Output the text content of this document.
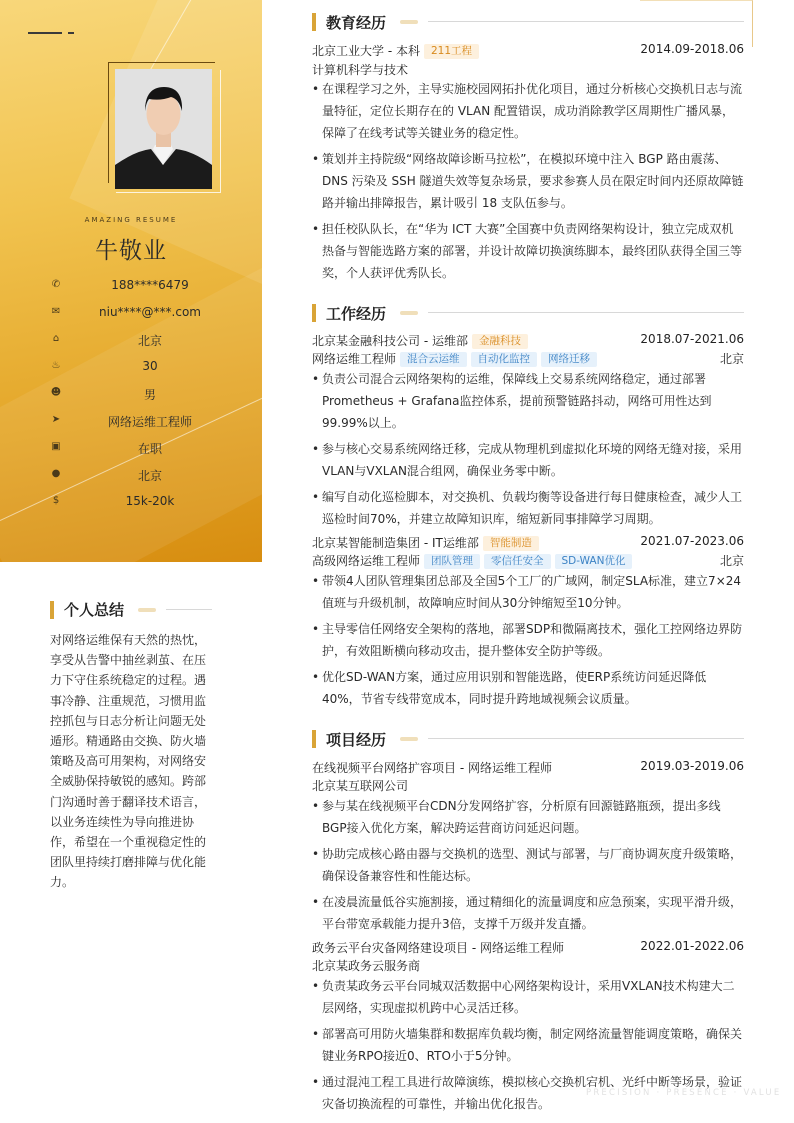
AMAZING RESUME
牛敬业
✆	188****6479
✉	niu****@***.com
⌂	北京
♨	30
☻	男
➤	网络运维工程师
▣	在职
●	北京
$	15k-20k
个人总结
对网络运维保有天然的热忱，享受从告警中抽丝剥茧、在压力下守住系统稳定的过程。遇事冷静、注重规范，习惯用监控抓包与日志分析让问题无处遁形。精通路由交换、防火墙策略及高可用架构，对网络安全威胁保持敏锐的感知。跨部门沟通时善于翻译技术语言，以业务连续性为导向推进协作，希望在一个重视稳定性的团队里持续打磨排障与优化能力。
教育经历
北京工业大学 - 本科 211工程	2014.09-2018.06
计算机科学与技术
• 在课程学习之外，主导实施校园网拓扑优化项目，通过分析核心交换机日志与流量特征，定位长期存在的 VLAN 配置错误，成功消除教学区周期性广播风暴，保障了在线考试等关键业务的稳定性。
• 策划并主持院级“网络故障诊断马拉松”，在模拟环境中注入 BGP 路由震荡、DNS 污染及 SSH 隧道失效等复杂场景，要求参赛人员在限定时间内还原故障链路并输出排障报告，累计吸引 18 支队伍参与。
• 担任校队队长，在“华为 ICT 大赛”全国赛中负责网络架构设计，独立完成双机热备与智能选路方案的部署，并设计故障切换演练脚本，最终团队获得全国三等奖，个人获评优秀队长。
工作经历
北京某金融科技公司 - 运维部 金融科技	2018.07-2021.06
网络运维工程师 混合云运维 自动化监控 网络迁移	北京
• 负责公司混合云网络架构的运维，保障线上交易系统网络稳定，通过部署Prometheus + Grafana监控体系，提前预警链路抖动，网络可用性达到99.99%以上。
• 参与核心交易系统网络迁移，完成从物理机到虚拟化环境的网络无缝对接，采用VLAN与VXLAN混合组网，确保业务零中断。
• 编写自动化巡检脚本，对交换机、负载均衡等设备进行每日健康检查，减少人工巡检时间70%，并建立故障知识库，缩短新同事排障学习周期。
北京某智能制造集团 - IT运维部 智能制造	2021.07-2023.06
高级网络运维工程师 团队管理 零信任安全 SD-WAN优化	北京
• 带领4人团队管理集团总部及全国5个工厂的广域网，制定SLA标准，建立7×24值班与升级机制，故障响应时间从30分钟缩短至10分钟。
• 主导零信任网络安全架构的落地，部署SDP和微隔离技术，强化工控网络边界防护，有效阻断横向移动攻击，提升整体安全防护等级。
• 优化SD-WAN方案，通过应用识别和智能选路，使ERP系统访问延迟降低40%，节省专线带宽成本，同时提升跨地域视频会议质量。
项目经历
在线视频平台网络扩容项目 - 网络运维工程师	2019.03-2019.06
北京某互联网公司
• 参与某在线视频平台CDN分发网络扩容，分析原有回源链路瓶颈，提出多线BGP接入优化方案，解决跨运营商访问延迟问题。
• 协助完成核心路由器与交换机的选型、测试与部署，与厂商协调灰度升级策略，确保设备兼容性和性能达标。
• 在凌晨流量低谷实施割接，通过精细化的流量调度和应急预案，实现平滑升级，平台带宽承载能力提升3倍，支撑千万级并发直播。
政务云平台灾备网络建设项目 - 网络运维工程师	2022.01-2022.06
北京某政务云服务商
• 负责某政务云平台同城双活数据中心网络架构设计，采用VXLAN技术构建大二层网络，实现虚拟机跨中心灵活迁移。
• 部署高可用防火墙集群和数据库负载均衡，制定网络流量智能调度策略，确保关键业务RPO接近0、RTO小于5分钟。
• 通过混沌工程工具进行故障演练，模拟核心交换机宕机、光纤中断等场景，验证灾备切换流程的可靠性，并输出优化报告。
PRECISION · PRESENCE · VALUE
